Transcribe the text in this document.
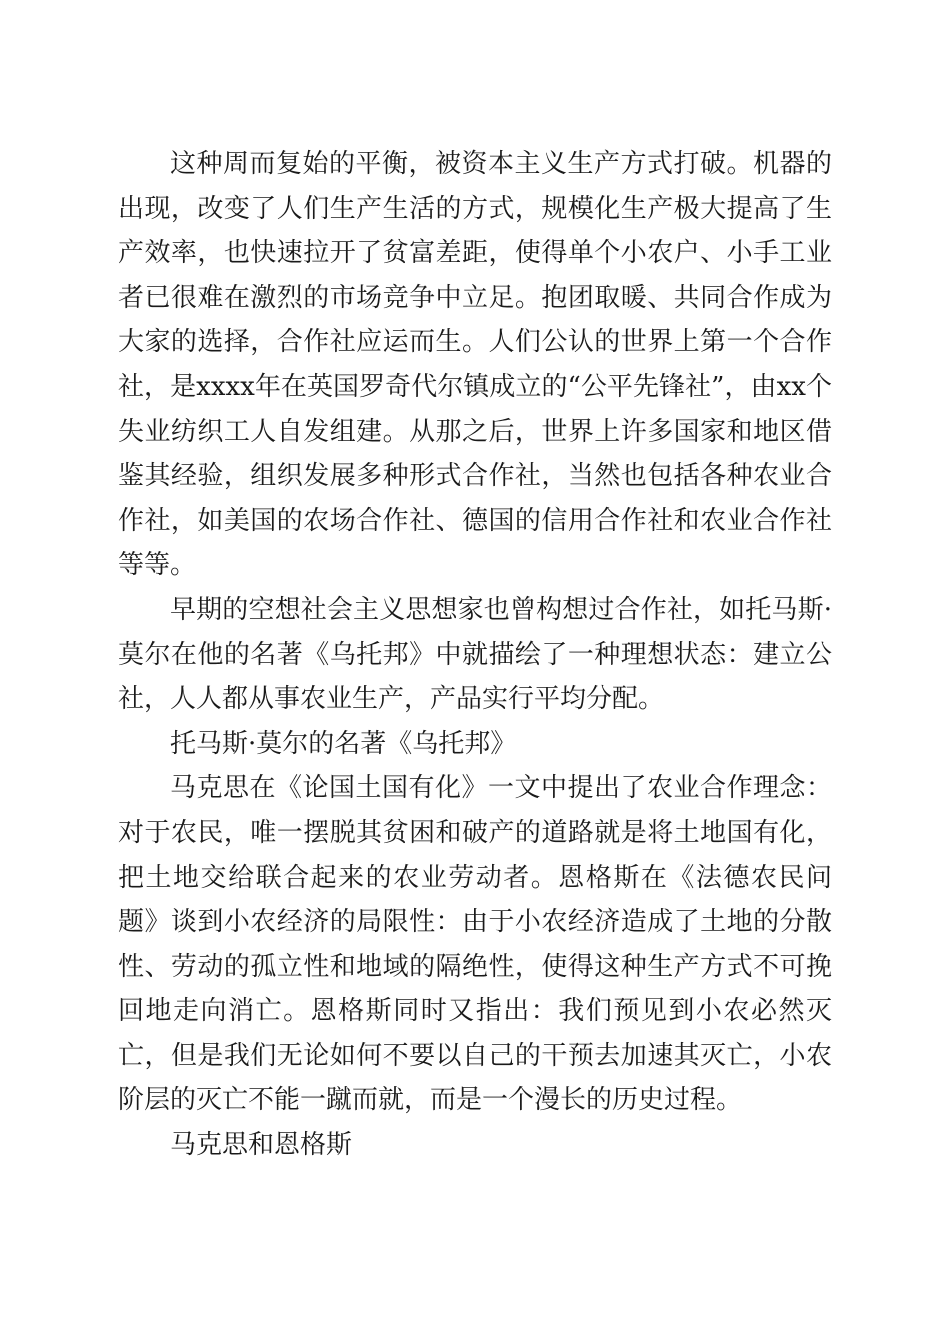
这种周而复始的平衡，被资本主义生产方式打破。机器的出现，改变了人们生产生活的方式，规模化生产极大提高了生产效率，也快速拉开了贫富差距，使得单个小农户、小手工业者已很难在激烈的市场竞争中立足。抱团取暖、共同合作成为大家的选择，合作社应运而生。人们公认的世界上第一个合作社，是xxxx年在英国罗奇代尔镇成立的“公平先锋社”，由xx个失业纺织工人自发组建。从那之后，世界上许多国家和地区借鉴其经验，组织发展多种形式合作社，当然也包括各种农业合作社，如美国的农场合作社、德国的信用合作社和农业合作社等等。

早期的空想社会主义思想家也曾构想过合作社，如托马斯·莫尔在他的名著《乌托邦》中就描绘了一种理想状态：建立公社，人人都从事农业生产，产品实行平均分配。

托马斯·莫尔的名著《乌托邦》

马克思在《论国土国有化》一文中提出了农业合作理念：对于农民，唯一摆脱其贫困和破产的道路就是将土地国有化，把土地交给联合起来的农业劳动者。恩格斯在《法德农民问题》谈到小农经济的局限性：由于小农经济造成了土地的分散性、劳动的孤立性和地域的隔绝性，使得这种生产方式不可挽回地走向消亡。恩格斯同时又指出：我们预见到小农必然灭亡，但是我们无论如何不要以自己的干预去加速其灭亡，小农阶层的灭亡不能一蹴而就，而是一个漫长的历史过程。

马克思和恩格斯
